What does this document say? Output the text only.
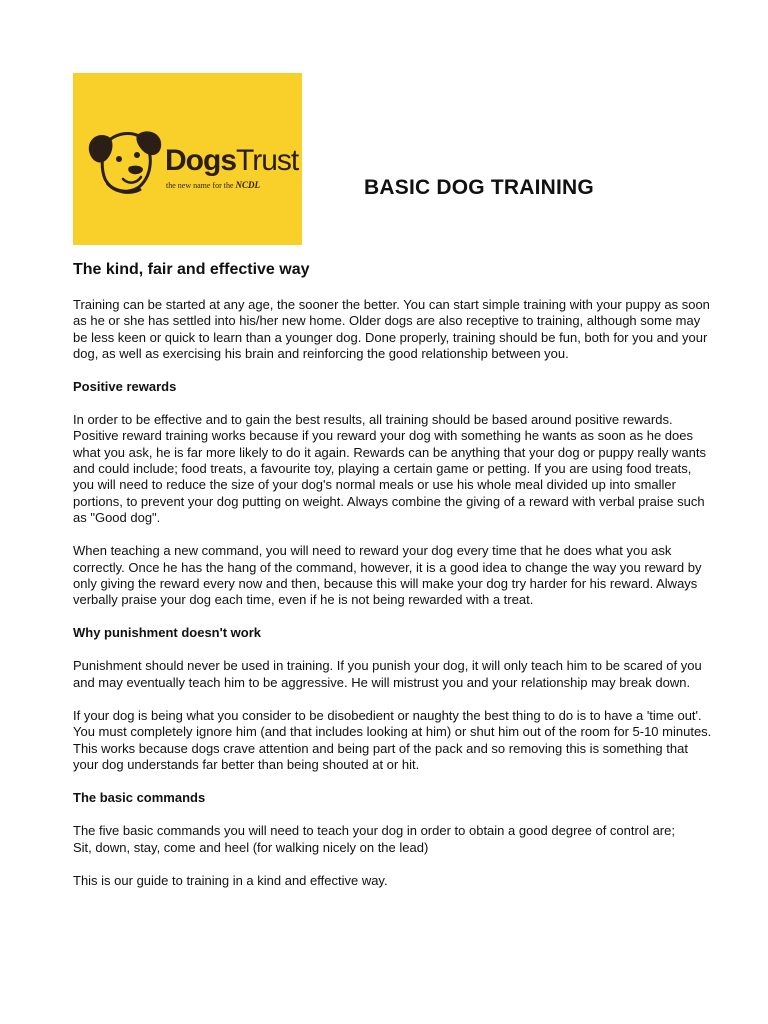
DogsTrust
the new name for the NCDL	BASIC DOG TRAINING
The kind, fair and effective way

Training can be started at any age, the sooner the better. You can start simple training with your puppy as soon as he or she has settled into his/her new home. Older dogs are also receptive to training, although some may be less keen or quick to learn than a younger dog. Done properly, training should be fun, both for you and your dog, as well as exercising his brain and reinforcing the good relationship between you.

Positive rewards

In order to be effective and to gain the best results, all training should be based around positive rewards. Positive reward training works because if you reward your dog with something he wants as soon as he does what you ask, he is far more likely to do it again. Rewards can be anything that your dog or puppy really wants and could include; food treats, a favourite toy, playing a certain game or petting. If you are using food treats, you will need to reduce the size of your dog's normal meals or use his whole meal divided up into smaller portions, to prevent your dog putting on weight. Always combine the giving of a reward with verbal praise such as "Good dog".

When teaching a new command, you will need to reward your dog every time that he does what you ask correctly. Once he has the hang of the command, however, it is a good idea to change the way you reward by only giving the reward every now and then, because this will make your dog try harder for his reward. Always verbally praise your dog each time, even if he is not being rewarded with a treat.

Why punishment doesn't work

Punishment should never be used in training. If you punish your dog, it will only teach him to be scared of you and may eventually teach him to be aggressive. He will mistrust you and your relationship may break down.

If your dog is being what you consider to be disobedient or naughty the best thing to do is to have a 'time out'. You must completely ignore him (and that includes looking at him) or shut him out of the room for 5-10 minutes. This works because dogs crave attention and being part of the pack and so removing this is something that your dog understands far better than being shouted at or hit.

The basic commands

The five basic commands you will need to teach your dog in order to obtain a good degree of control are;

Sit, down, stay, come and heel (for walking nicely on the lead)

This is our guide to training in a kind and effective way.
